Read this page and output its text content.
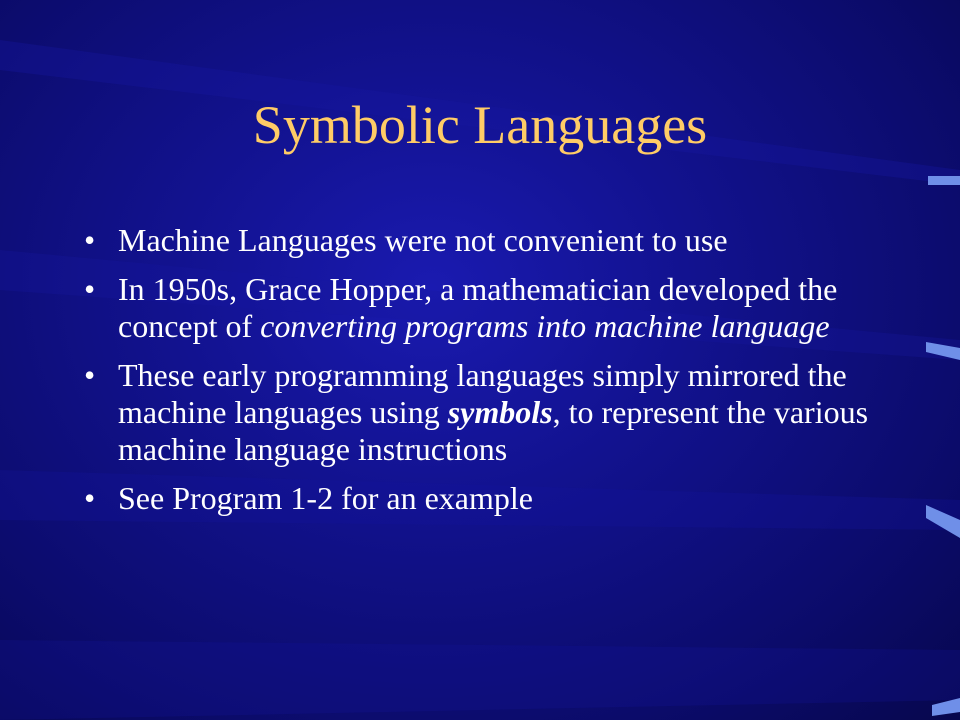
Symbolic Languages
• Machine Languages were not convenient to use
• In 1950s, Grace Hopper, a mathematician developed the concept of converting programs into machine language
• These early programming languages simply mirrored the machine languages using symbols, to represent the various machine language instructions
• See Program 1-2 for an example
